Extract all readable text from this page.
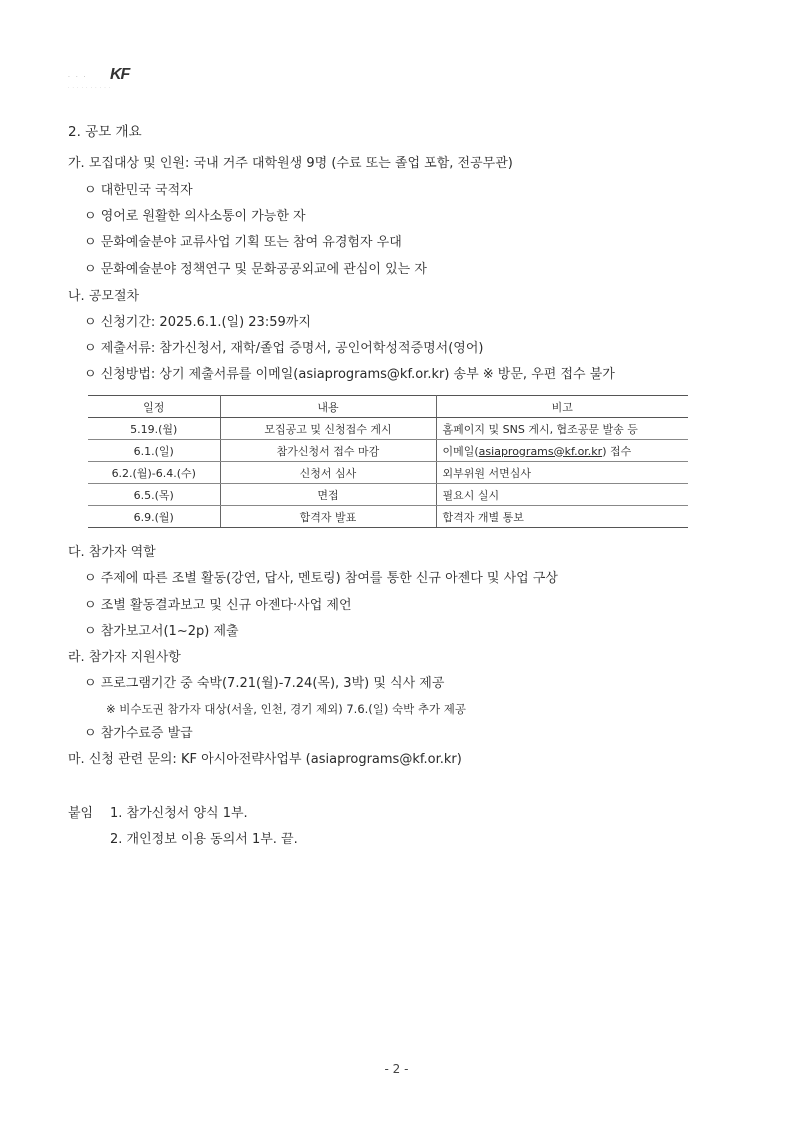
· · · KF
· · · · · · · · · ·
2. 공모 개요
가. 모집대상 및 인원: 국내 거주 대학원생 9명 (수료 또는 졸업 포함, 전공무관)
ㅇ 대한민국 국적자
ㅇ 영어로 원활한 의사소통이 가능한 자
ㅇ 문화예술분야 교류사업 기획 또는 참여 유경험자 우대
ㅇ 문화예술분야 정책연구 및 문화공공외교에 관심이 있는 자
나. 공모절차
ㅇ 신청기간: 2025.6.1.(일) 23:59까지
ㅇ 제출서류: 참가신청서, 재학/졸업 증명서, 공인어학성적증명서(영어)
ㅇ 신청방법: 상기 제출서류를 이메일(asiaprograms@kf.or.kr) 송부 ※ 방문, 우편 접수 불가
일정	내용	비고
5.19.(월)	모집공고 및 신청접수 게시	홈페이지 및 SNS 게시, 협조공문 발송 등
6.1.(일)	참가신청서 접수 마감	이메일(asiaprograms@kf.or.kr) 접수
6.2.(월)-6.4.(수)	신청서 심사	외부위원 서면심사
6.5.(목)	면접	필요시 실시
6.9.(월)	합격자 발표	합격자 개별 통보
다. 참가자 역할
ㅇ 주제에 따른 조별 활동(강연, 답사, 멘토링) 참여를 통한 신규 아젠다 및 사업 구상
ㅇ 조별 활동결과보고 및 신규 아젠다·사업 제언
ㅇ 참가보고서(1~2p) 제출
라. 참가자 지원사항
ㅇ 프로그램기간 중 숙박(7.21(월)-7.24(목), 3박) 및 식사 제공
※ 비수도권 참가자 대상(서울, 인천, 경기 제외) 7.6.(일) 숙박 추가 제공
ㅇ 참가수료증 발급
마. 신청 관련 문의: KF 아시아전략사업부 (asiaprograms@kf.or.kr)
붙임 1. 참가신청서 양식 1부.
2. 개인정보 이용 동의서 1부. 끝.
- 2 -
